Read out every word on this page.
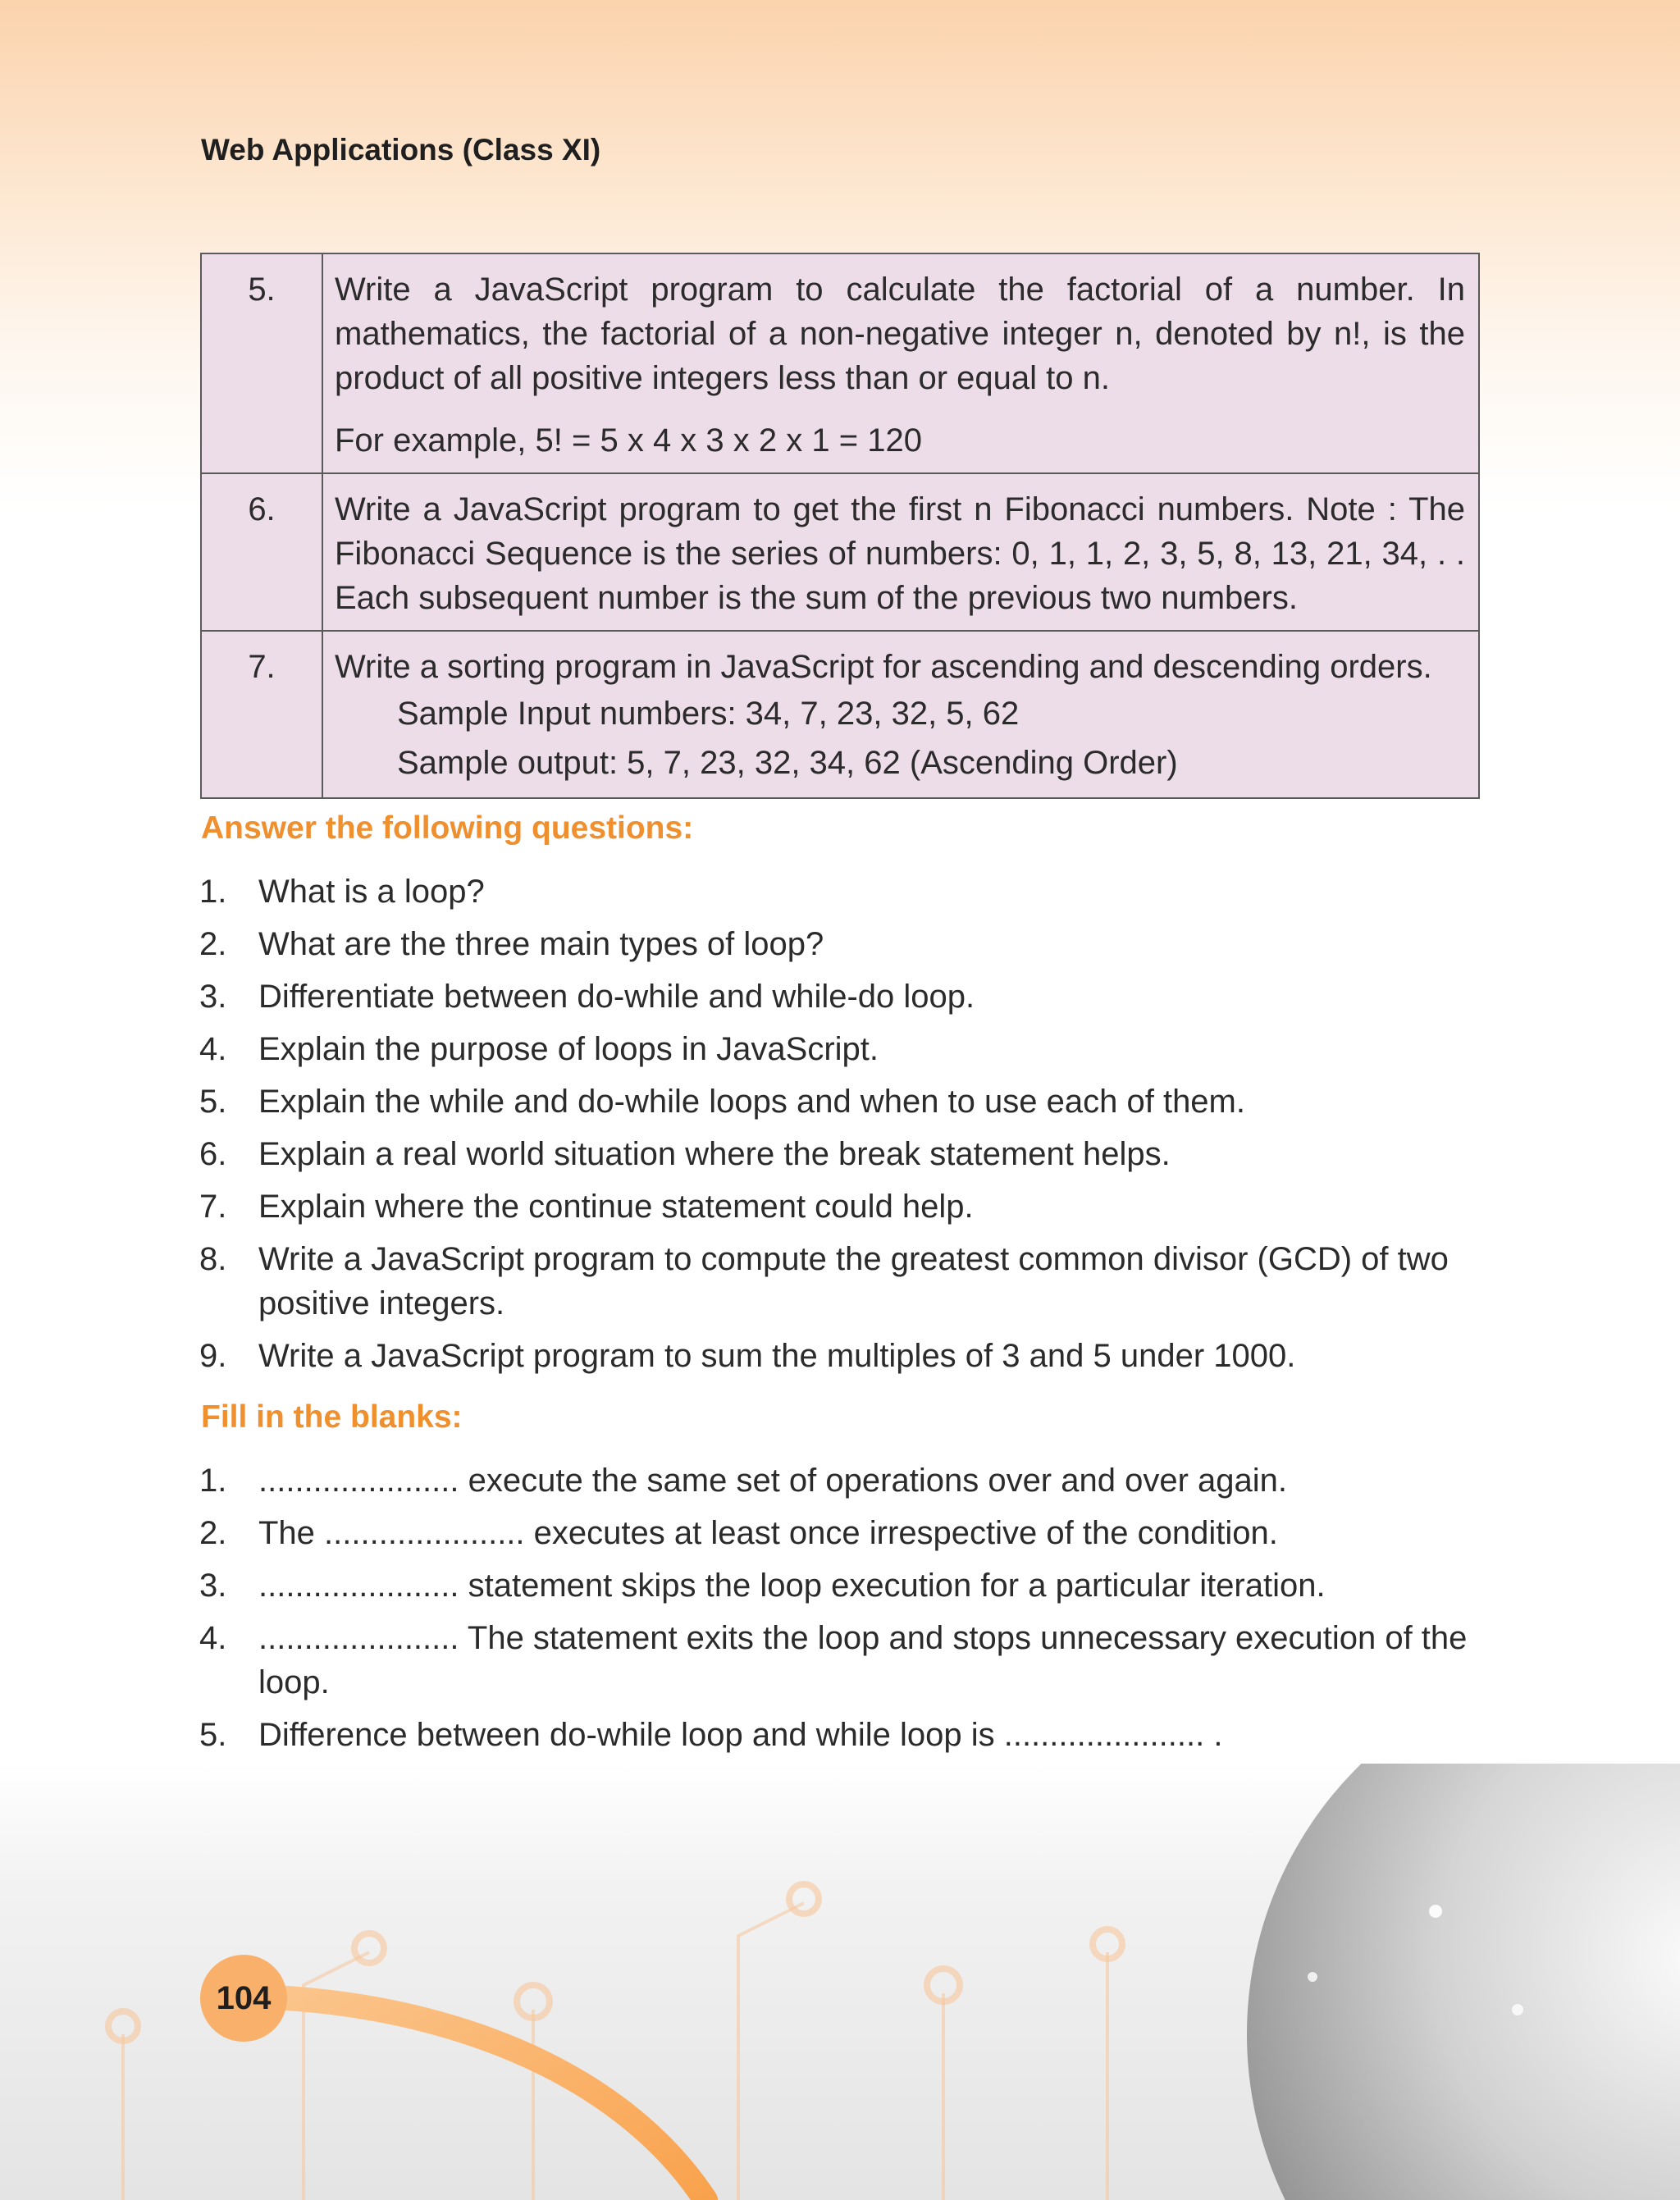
Web Applications (Class XI)
5.	Write a JavaScript program to calculate the factorial of a number. In mathematics, the factorial of a non-negative integer n, denoted by n!, is the product of all positive integers less than or equal to n.

For example, 5! = 5 x 4 x 3 x 2 x 1 = 120

6.	Write a JavaScript program to get the first n Fibonacci numbers. Note : The Fibonacci Sequence is the series of numbers: 0, 1, 1, 2, 3, 5, 8, 13, 21, 34, . . Each subsequent number is the sum of the previous two numbers.

7.	Write a sorting program in JavaScript for ascending and descending orders.

Sample Input numbers: 34, 7, 23, 32, 5, 62

Sample output: 5, 7, 23, 32, 34, 62 (Ascending Order)

Answer the following questions:
1. What is a loop?
2. What are the three main types of loop?
3. Differentiate between do-while and while-do loop.
4. Explain the purpose of loops in JavaScript.
5. Explain the while and do-while loops and when to use each of them.
6. Explain a real world situation where the break statement helps.
7. Explain where the continue statement could help.
8. Write a JavaScript program to compute the greatest common divisor (GCD) of two positive integers.
9. Write a JavaScript program to sum the multiples of 3 and 5 under 1000.
Fill in the blanks:
1. ...................... execute the same set of operations over and over again.
2. The ...................... executes at least once irrespective of the condition.
3. ...................... statement skips the loop execution for a particular iteration.
4. ...................... The statement exits the loop and stops unnecessary execution of the loop.
5. Difference between do-while loop and while loop is ...................... .
104
